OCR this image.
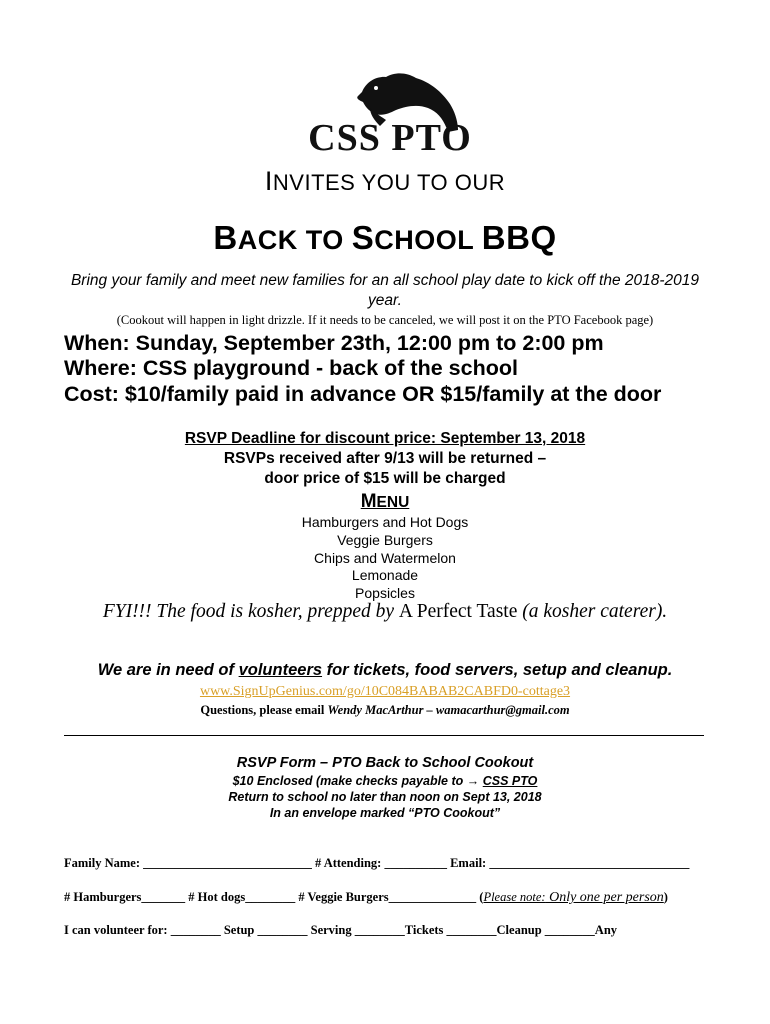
CSS PTO
INVITES YOU TO OUR
BACK TO SCHOOL BBQ
Bring your family and meet new families for an all school play date to kick off the 2018-2019 year.
(Cookout will happen in light drizzle. If it needs to be canceled, we will post it on the PTO Facebook page)
When: Sunday, September 23th, 12:00 pm to 2:00 pm
Where: CSS playground - back of the school
Cost: $10/family paid in advance OR $15/family at the door
RSVP Deadline for discount price: September 13, 2018
RSVPs received after 9/13 will be returned –
door price of $15 will be charged
MENU
Hamburgers and Hot Dogs
Veggie Burgers
Chips and Watermelon
Lemonade
Popsicles
FYI!!! The food is kosher, prepped by A Perfect Taste (a kosher caterer).
We are in need of volunteers for tickets, food servers, setup and cleanup.
www.SignUpGenius.com/go/10C084BABAB2CABFD0-cottage3
Questions, please email Wendy MacArthur – wamacarthur@gmail.com
RSVP Form – PTO Back to School Cookout
$10 Enclosed (make checks payable to → CSS PTO
Return to school no later than noon on Sept 13, 2018
In an envelope marked “PTO Cookout”
Family Name: ___________________________ # Attending: __________ Email: ________________________________
# Hamburgers_______ # Hot dogs________ # Veggie Burgers______________ (Please note: Only one per person)
I can volunteer for: ________ Setup ________ Serving ________Tickets ________Cleanup ________Any
